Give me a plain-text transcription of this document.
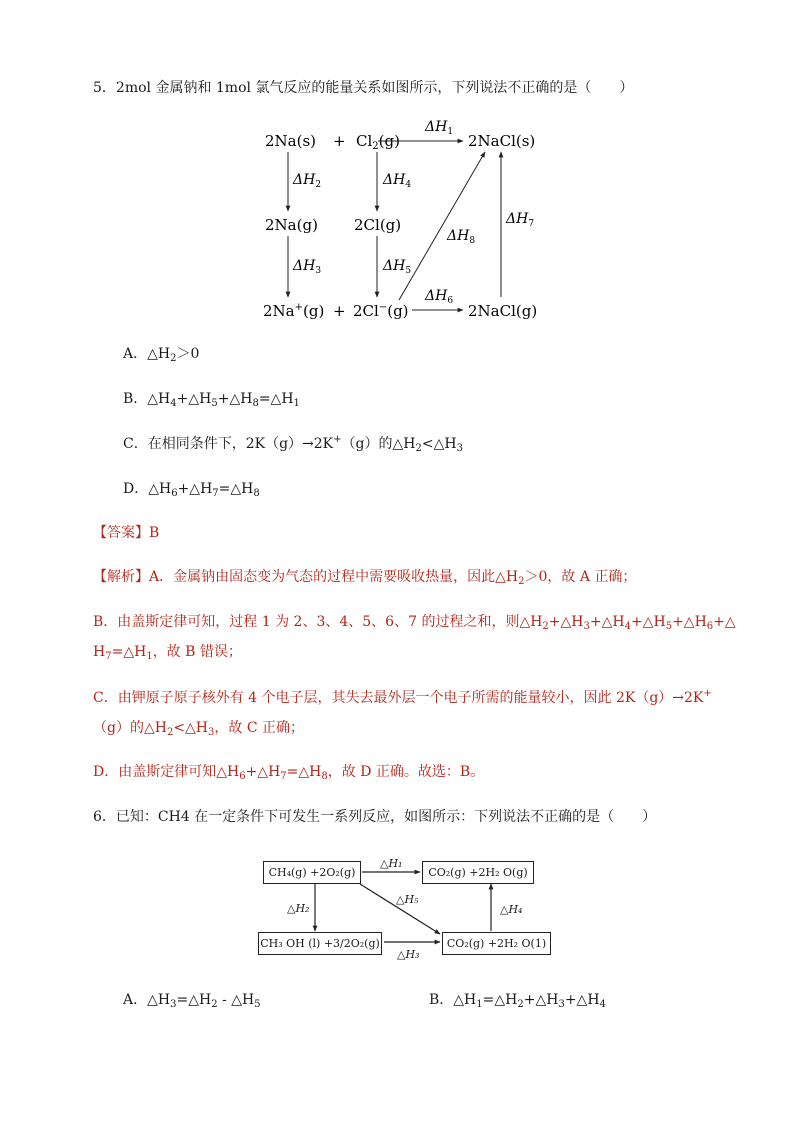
5．2mol 金属钠和 1mol 氯气反应的能量关系如图所示，下列说法不正确的是（　　）
$2Na(s) + Cl_2(g)$	2NaCl(s)
2Na(g) 2Cl(g)
2Na+(g) + 2Cl−(g)	2NaCl(g)
$\Delta H_1$
$\Delta H_2$
$\Delta H_3$
$\Delta H_4$
$\Delta H_5$
$\Delta H_6$
$\Delta H_7$
$\Delta H_8$
A．$\triangle H_2>0$
B．$\triangle H_4+\triangle H_5+\triangle H_8=\triangle H_1$
C．在相同条件下，2K（g）→2K+（g）的$\triangle H_2<\triangle H_3$
D．$\triangle H_6+\triangle H_7=\triangle H_8$
【答案】B
【解析】A．金属钠由固态变为气态的过程中需要吸收热量，因此$\triangle H_2>0$，故 A 正确；
B．由盖斯定律可知，过程 1 为 2、3、4、5、6、7 的过程之和，则$\triangle H_2+\triangle H_3+\triangle H_4+\triangle H_5+\triangle H_6+\triangle$
$H_7=\triangle H_1$，故 B 错误；
C．由钾原子原子核外有 4 个电子层，其失去最外层一个电子所需的能量较小，因此 2K（g）→2K+
（g）的$\triangle H_2<\triangle H_3$，故 C 正确；
D．由盖斯定律可知$\triangle H_6+\triangle H_7=\triangle H_8$，故 D 正确。故选：B。
6．已知：CH4 在一定条件下可发生一系列反应，如图所示：下列说法不正确的是（　　）
CH₄(g) +2O₂(g)	CO₂(g) +2H₂ O(g)
CH₃ OH (l) +3/2O₂(g)	CO₂(g) +2H₂ O(1)
△H₁
△H₂
△H₃
△H₄
△H₅
A．$\triangle H_3=\triangle H_2$ - $\triangle H_5$	B．$\triangle H_1=\triangle H_2+\triangle H_3+\triangle H_4$
